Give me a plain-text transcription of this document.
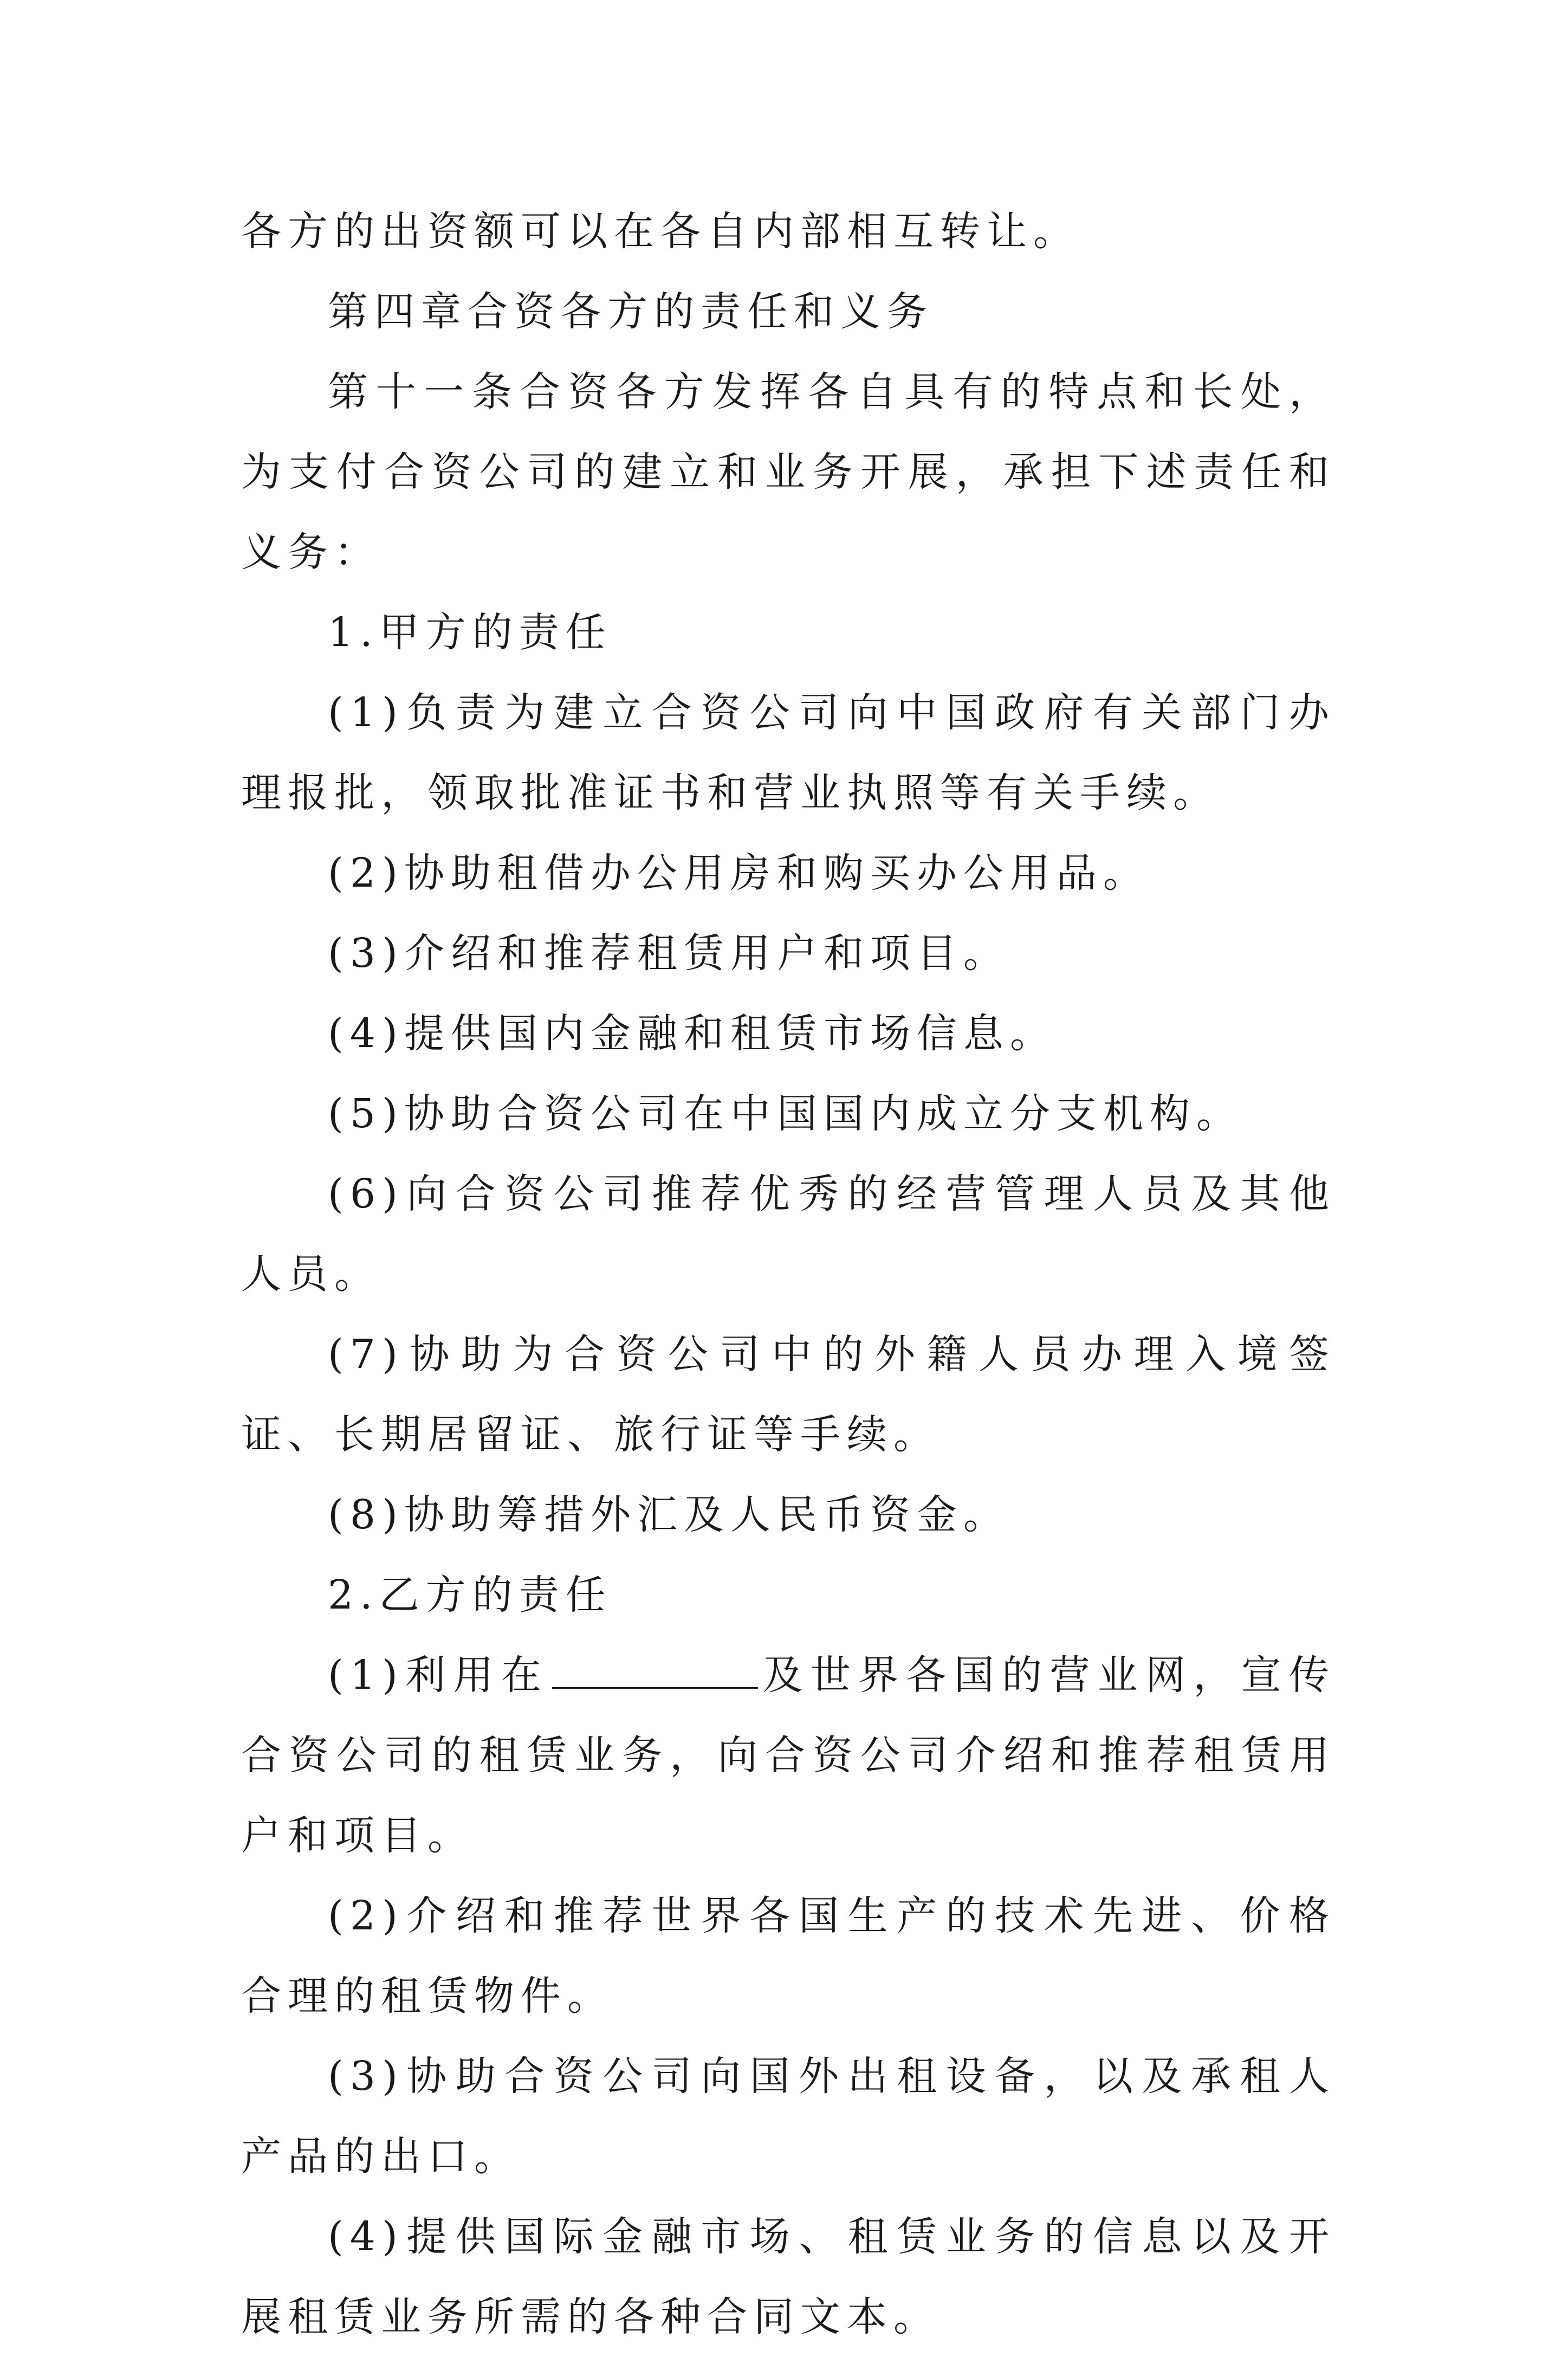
各方的出资额可以在各自内部相互转让。

第四章合资各方的责任和义务

第十一条合资各方发挥各自具有的特点和长处，为支付合资公司的建立和业务开展，承担下述责任和义务：

1.甲方的责任

(1)负责为建立合资公司向中国政府有关部门办理报批，领取批准证书和营业执照等有关手续。

(2)协助租借办公用房和购买办公用品。

(3)介绍和推荐租赁用户和项目。

(4)提供国内金融和租赁市场信息。

(5)协助合资公司在中国国内成立分支机构。

(6)向合资公司推荐优秀的经营管理人员及其他人员。

(7)协助为合资公司中的外籍人员办理入境签证、长期居留证、旅行证等手续。

(8)协助筹措外汇及人民币资金。

2.乙方的责任

(1)利用在	及世界各国的营业网，宣传合资公司的租赁业务，向合资公司介绍和推荐租赁用户和项目。

(2)介绍和推荐世界各国生产的技术先进、价格合理的租赁物件。

(3)协助合资公司向国外出租设备，以及承租人产品的出口。

(4)提供国际金融市场、租赁业务的信息以及开展租赁业务所需的各种合同文本。
